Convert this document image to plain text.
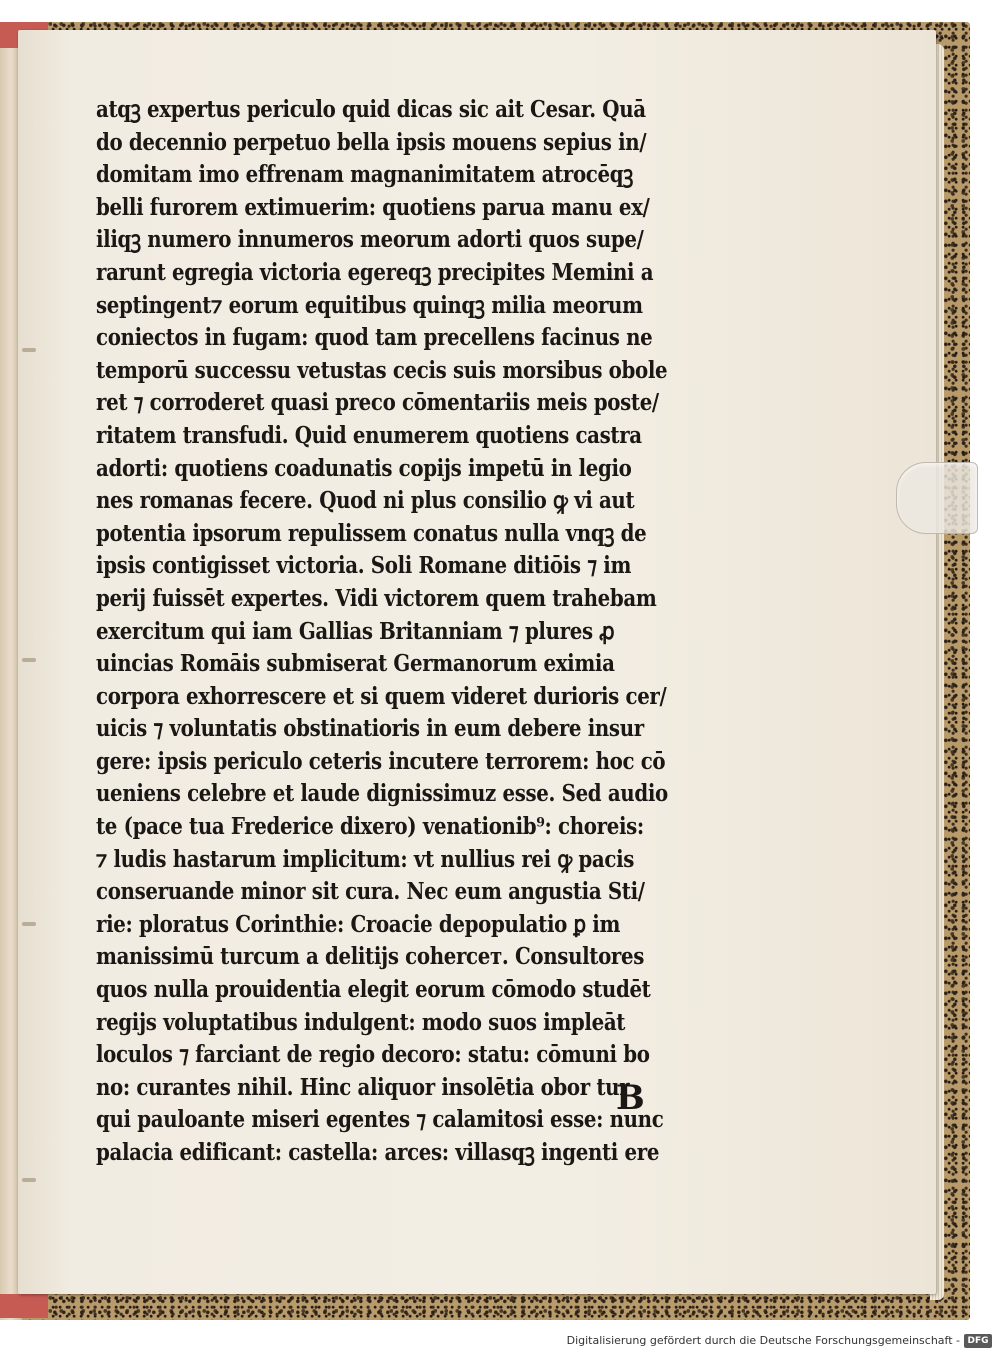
atqꝫ expertus periculo quid dicas sic ait Cesar. Quā
do decennio perpetuo bella ipsis mouens sepius in/
domitam imo effrenam magnanimitatem atrocēqꝫ
belli furorem extimuerim: quotiens parua manu ex/
iliqꝫ numero innumeros meorum adorti quos supe/
rarunt egregia victoria egereqꝫ precipites Memini a
septingent⁊ eorum equitibus quinqꝫ milia meorum
coniectos in fugam: quod tam precellens facinus ne
temporū successu vetustas cecis suis morsibus obole
ret ⁊ corroderet quasi preco cōmentariis meis poste/
ritatem transfudi. Quid enumerem quotiens castra
adorti: quotiens coadunatis copijs impetū in legio
nes romanas fecere. Quod ni plus consilio ꝙ vi aut
potentia ipsorum repulissem conatus nulla vnqꝫ de
ipsis contigisset victoria. Soli Romane ditiōis ⁊ im
perij fuissēt expertes. Vidi victorem quem trahebam
exercitum qui iam Gallias Britanniam ⁊ plures ꝓ
uincias Romāis submiserat Germanorum eximia
corpora exhorrescere et si quem videret durioris cer/
uicis ⁊ voluntatis obstinatioris in eum debere insur
gere: ipsis periculo ceteris incutere terrorem: hoc cō
ueniens celebre et laude dignissimuz esse. Sed audio
te (pace tua Frederice dixero) venationib⁹: choreis:
⁊ ludis hastarum implicitum: vt nullius rei ꝙ pacis
conseruande minor sit cura. Nec eum angustia Sti/
rie: ploratus Corinthie: Croacie depopulatio ꝑ im
manissimū turcum a delitijs coherceт. Consultores
quos nulla prouidentia elegit eorum cōmodo studēt
regijs voluptatibus indulgent: modo suos impleāt
loculos ⁊ farciant de regio decoro: statu: cōmuni bo
no: curantes nihil. Hinc aliquor insolētia obor tur
qui pauloante miseri egentes ⁊ calamitosi esse: nunc
palacia edificant: castella: arces: villasqꝫ ingenti ere
B
Digitalisierung gefördert durch die Deutsche Forschungsgemeinschaft - DFG
